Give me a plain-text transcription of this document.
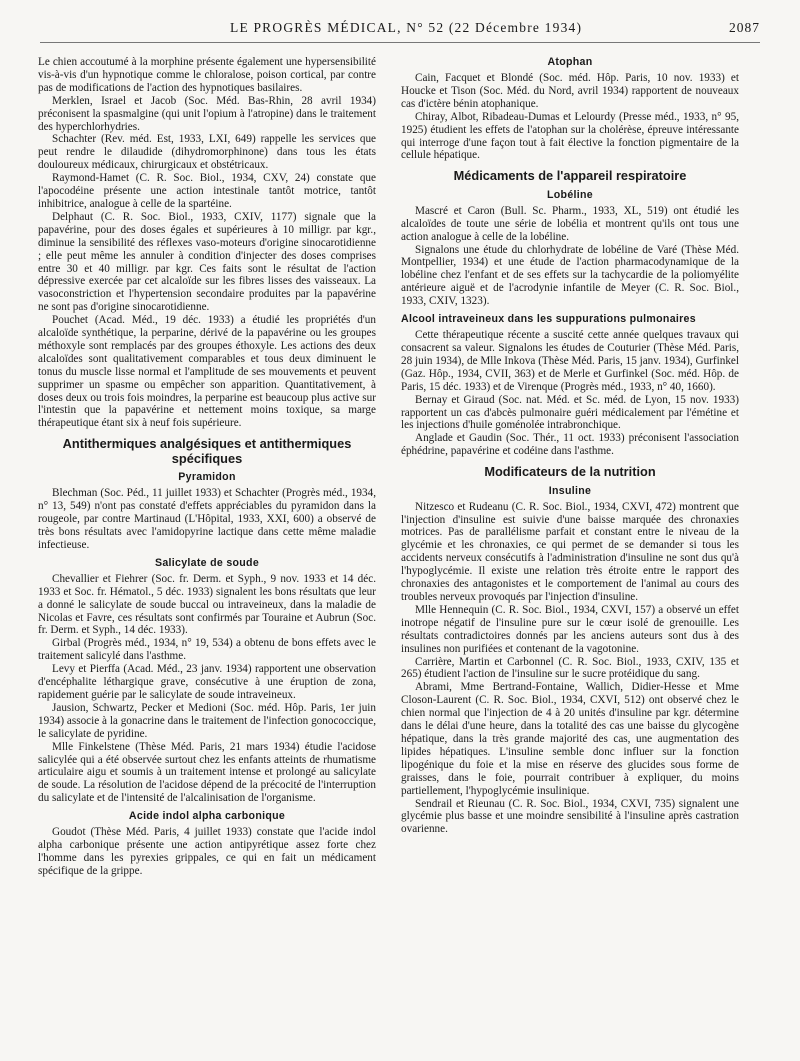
LE PROGRÈS MÉDICAL, N° 52 (22 Décembre 1934)	2087

Le chien accoutumé à la morphine présente également une hypersensibilité vis-à-vis d'un hypnotique comme le chloralose, poison cortical, par contre pas de modifications de l'action des hypnotiques basilaires.

Merklen, Israel et Jacob (Soc. Méd. Bas-Rhin, 28 avril 1934) préconisent la spasmalgine (qui unit l'opium à l'atropine) dans le traitement des hyperchlorhydries.

Schachter (Rev. méd. Est, 1933, LXI, 649) rappelle les services que peut rendre le dilaudide (dihydromorphinone) dans tous les états douloureux médicaux, chirurgicaux et obstétricaux.

Raymond-Hamet (C. R. Soc. Biol., 1934, CXV, 24) constate que l'apocodéine présente une action intestinale tantôt motrice, tantôt inhibitrice, analogue à celle de la spartéine.

Delphaut (C. R. Soc. Biol., 1933, CXIV, 1177) signale que la papavérine, pour des doses égales et supérieures à 10 milligr. par kgr., diminue la sensibilité des réflexes vaso-moteurs d'origine sinocarotidienne ; elle peut même les annuler à condition d'injecter des doses comprises entre 30 et 40 milligr. par kgr. Ces faits sont le résultat de l'action dépressive exercée par cet alcaloïde sur les fibres lisses des vaisseaux. La vasoconstriction et l'hypertension secondaire produites par la papavérine ne sont pas d'origine sinocarotidienne.

Pouchet (Acad. Méd., 19 déc. 1933) a étudié les propriétés d'un alcaloïde synthétique, la perparine, dérivé de la papavérine ou les groupes méthoxyle sont remplacés par des groupes éthoxyle. Les actions des deux alcaloïdes sont qualitativement comparables et tous deux diminuent le tonus du muscle lisse normal et l'amplitude de ses mouvements et peuvent supprimer un spasme ou empêcher son apparition. Quantitativement, à doses deux ou trois fois moindres, la perparine est beaucoup plus active sur l'intestin que la papavérine et nettement moins toxique, sa marge thérapeutique étant six à neuf fois supérieure.

Antithermiques analgésiques et antithermiques spécifiques
Pyramidon

Blechman (Soc. Péd., 11 juillet 1933) et Schachter (Progrès méd., 1934, n° 13, 549) n'ont pas constaté d'effets appréciables du pyramidon dans la rougeole, par contre Martinaud (L'Hôpital, 1933, XXI, 600) a observé de très bons résultats avec l'amidopyrine lactique dans cette même maladie infectieuse.

Salicylate de soude

Chevallier et Fiehrer (Soc. fr. Derm. et Syph., 9 nov. 1933 et 14 déc. 1933 et Soc. fr. Hématol., 5 déc. 1933) signalent les bons résultats que leur a donné le salicylate de soude buccal ou intraveineux, dans la maladie de Nicolas et Favre, ces résultats sont confirmés par Touraine et Aubrun (Soc. fr. Derm. et Syph., 14 déc. 1933).

Girbal (Progrès méd., 1934, n° 19, 534) a obtenu de bons effets avec le traitement salicylé dans l'asthme.

Levy et Pierffa (Acad. Méd., 23 janv. 1934) rapportent une observation d'encéphalite léthargique grave, consécutive à une éruption de zona, rapidement guérie par le salicylate de soude intraveineux.

Jausion, Schwartz, Pecker et Medioni (Soc. méd. Hôp. Paris, 1er juin 1934) associe à la gonacrine dans le traitement de l'infection gonococcique, le salicylate de pyridine.

Mlle Finkelstene (Thèse Méd. Paris, 21 mars 1934) étudie l'acidose salicylée qui a été observée surtout chez les enfants atteints de rhumatisme articulaire aigu et soumis à un traitement intense et prolongé au salicylate de soude. La résolution de l'acidose dépend de la précocité de l'interruption du salicylate et de l'intensité de l'alcalinisation de l'organisme.

Acide indol alpha carbonique

Goudot (Thèse Méd. Paris, 4 juillet 1933) constate que l'acide indol alpha carbonique présente une action antipyrétique assez forte chez l'homme dans les pyrexies grippales, ce qui en fait un médicament spécifique de la grippe.

Atophan

Cain, Facquet et Blondé (Soc. méd. Hôp. Paris, 10 nov. 1933) et Houcke et Tison (Soc. Méd. du Nord, avril 1934) rapportent de nouveaux cas d'ictère bénin atophanique.

Chiray, Albot, Ribadeau-Dumas et Lelourdy (Presse méd., 1933, n° 95, 1925) étudient les effets de l'atophan sur la cholérèse, épreuve intéressante qui interroge d'une façon tout à fait élective la fonction pigmentaire de la cellule hépatique.

Médicaments de l'appareil respiratoire
Lobéline

Mascré et Caron (Bull. Sc. Pharm., 1933, XL, 519) ont étudié les alcaloïdes de toute une série de lobélia et montrent qu'ils ont tous une action analogue à celle de la lobéline.

Signalons une étude du chlorhydrate de lobéline de Varé (Thèse Méd. Montpellier, 1934) et une étude de l'action pharmacodynamique de la lobéline chez l'enfant et de ses effets sur la tachycardie de la poliomyélite antérieure aiguë et de l'acrodynie infantile de Meyer (C. R. Soc. Biol., 1933, CXIV, 1323).

Alcool intraveineux dans les suppurations pulmonaires

Cette thérapeutique récente a suscité cette année quelques travaux qui consacrent sa valeur. Signalons les études de Couturier (Thèse Méd. Paris, 28 juin 1934), de Mlle Inkova (Thèse Méd. Paris, 15 janv. 1934), Gurfinkel (Gaz. Hôp., 1934, CVII, 363) et de Merle et Gurfinkel (Soc. méd. Hôp. de Paris, 15 déc. 1933) et de Virenque (Progrès méd., 1933, n° 40, 1660).

Bernay et Giraud (Soc. nat. Méd. et Sc. méd. de Lyon, 15 nov. 1933) rapportent un cas d'abcès pulmonaire guéri médicalement par l'émétine et les injections d'huile goménolée intrabronchique.

Anglade et Gaudin (Soc. Thér., 11 oct. 1933) préconisent l'association éphédrine, papavérine et codéine dans l'asthme.

Modificateurs de la nutrition
Insuline

Nitzesco et Rudeanu (C. R. Soc. Biol., 1934, CXVI, 472) montrent que l'injection d'insuline est suivie d'une baisse marquée des chronaxies motrices. Pas de parallélisme parfait et constant entre le niveau de la glycémie et les chronaxies, ce qui permet de se demander si tous les accidents nerveux consécutifs à l'administration d'insuline ne sont dus qu'à l'hypoglycémie. Il existe une relation très étroite entre le rapport des chronaxies des antagonistes et le comportement de l'animal au cours des troubles nerveux provoqués par l'injection d'insuline.

Mlle Hennequin (C. R. Soc. Biol., 1934, CXVI, 157) a observé un effet inotrope négatif de l'insuline pure sur le cœur isolé de grenouille. Les résultats contradictoires donnés par les anciens auteurs sont dus à des insulines non purifiées et contenant de la vagotonine.

Carrière, Martin et Carbonnel (C. R. Soc. Biol., 1933, CXIV, 135 et 265) étudient l'action de l'insuline sur le sucre protéidique du sang.

Abrami, Mme Bertrand-Fontaine, Wallich, Didier-Hesse et Mme Closon-Laurent (C. R. Soc. Biol., 1934, CXVI, 512) ont observé chez le chien normal que l'injection de 4 à 20 unités d'insuline par kgr. détermine dans le délai d'une heure, dans la totalité des cas une baisse du glycogène hépatique, dans la très grande majorité des cas, une augmentation des lipides hépatiques. L'insuline semble donc influer sur la fonction lipogénique du foie et la mise en réserve des glucides sous forme de graisses, dans le foie, pourrait contribuer à expliquer, du moins partiellement, l'hypoglycémie insulinique.

Sendrail et Rieunau (C. R. Soc. Biol., 1934, CXVI, 735) signalent une glycémie plus basse et une moindre sensibilité à l'insuline après castration ovarienne.
